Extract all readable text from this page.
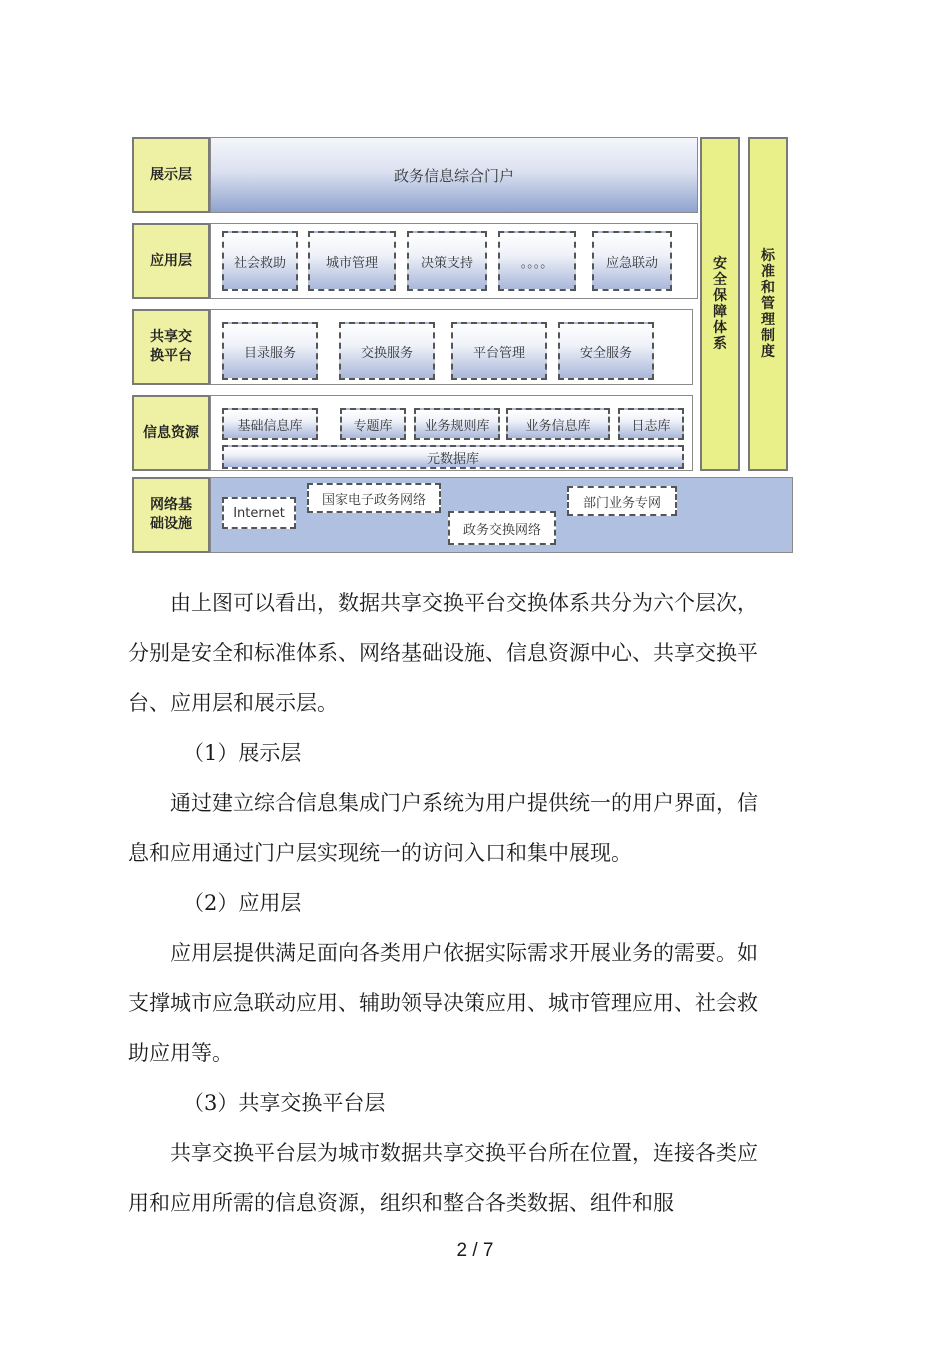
展示层	政务信息综合门户
应用层	社会救助	城市管理	决策支持	。。。。	应急联动
共享交换平台	目录服务	交换服务	平台管理	安全服务
信息资源	基础信息库	专题库 业务规则库	业务信息库	日志库
元数据库
网络基础设施
Internet
国家电子政务网络	部门业务专网
政务交换网络
安全保障体系
标准和管理制度

由上图可以看出，数据共享交换平台交换体系共分为六个层次，分别是安全和标准体系、网络基础设施、信息资源中心、共享交换平台、应用层和展示层。

（1）展示层

通过建立综合信息集成门户系统为用户提供统一的用户界面，信息和应用通过门户层实现统一的访问入口和集中展现。

（2）应用层

应用层提供满足面向各类用户依据实际需求开展业务的需要。如支撑城市应急联动应用、辅助领导决策应用、城市管理应用、社会救助应用等。

（3）共享交换平台层

共享交换平台层为城市数据共享交换平台所在位置，连接各类应用和应用所需的信息资源，组织和整合各类数据、组件和服

2 / 7
